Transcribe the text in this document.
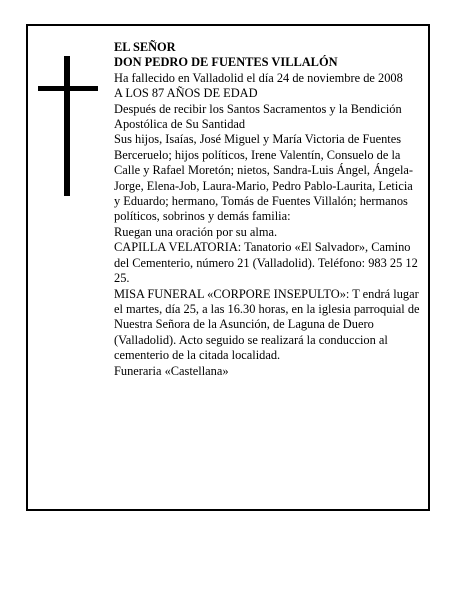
EL SEÑOR

DON PEDRO DE FUENTES VILLALÓN

Ha fallecido en Valladolid el día 24 de noviembre de 2008

A LOS 87 AÑOS DE EDAD

Después de recibir los Santos Sacramentos y la Bendición Apostólica de Su Santidad

Sus hijos, Isaías, José Miguel y María Victoria de Fuentes Berceruelo; hijos políticos, Irene Valentín, Consuelo de la Calle y Rafael Moretón; nietos, Sandra-Luis Ángel, Ángela-Jorge, Elena-Job, Laura-Mario, Pedro Pablo-Laurita, Leticia y Eduardo; hermano, Tomás de Fuentes Villalón; hermanos políticos, sobrinos y demás familia:

Ruegan una oración por su alma.

CAPILLA VELATORIA: Tanatorio «El Salvador», Camino del Cementerio, número 21 (Valladolid). Teléfono: 983 25 12 25.

MISA FUNERAL «CORPORE INSEPULTO»: T endrá lugar el martes, día 25, a las 16.30 horas, en la iglesia parroquial de Nuestra Señora de la Asunción, de Laguna de Duero (Valladolid). Acto seguido se realizará la conduccion al cementerio de la citada localidad.

Funeraria «Castellana»
